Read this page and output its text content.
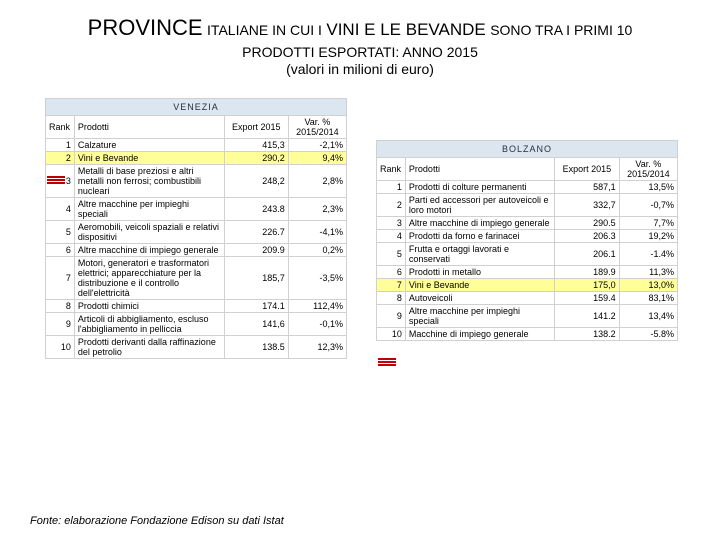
PROVINCE ITALIANE IN CUI I VINI E LE BEVANDE SONO TRA I PRIMI 10
PRODOTTI ESPORTATI: ANNO 2015
(valori in milioni di euro)
VENEZIA			
Rank	Prodotti	Export 2015	Var. % 2015/2014
1	Calzature	415,3	-2,1%
2	Vini e Bevande	290,2	9,4%
3	Metalli di base preziosi e altri metalli non ferrosi; combustibili nucleari	248,2	2,8%
4	Altre macchine per impieghi speciali	243.8	2,3%
5	Aeromobili, veicoli spaziali e relativi dispositivi	226.7	-4,1%
6	Altre macchine di impiego generale	209.9	0,2%
7	Motori, generatori e trasformatori elettrici; apparecchiature per la distribuzione e il controllo dell'elettricità	185,7	-3,5%
8	Prodotti chimici	174.1	112,4%
9	Articoli di abbigliamento, escluso l'abbigliamento in pelliccia	141,6	-0,1%
10	Prodotti derivanti dalla raffinazione del petrolio	138.5	12,3%
BOLZANO			
Rank	Prodotti	Export 2015	Var. % 2015/2014
1	Prodotti di colture permanenti	587,1	13,5%
2	Parti ed accessori per autoveicoli e loro motori	332,7	-0,7%
3	Altre macchine di impiego generale	290.5	7,7%
4	Prodotti da forno e farinacei	206.3	19,2%
5	Frutta e ortaggi lavorati e conservati	206.1	-1.4%
6	Prodotti in metallo	189.9	11,3%
7	Vini e Bevande	175,0	13,0%
8	Autoveicoli	159.4	83,1%
9	Altre macchine per impieghi speciali	141.2	13,4%
10	Macchine di impiego generale	138.2	-5.8%
Fonte: elaborazione Fondazione Edison su dati Istat
